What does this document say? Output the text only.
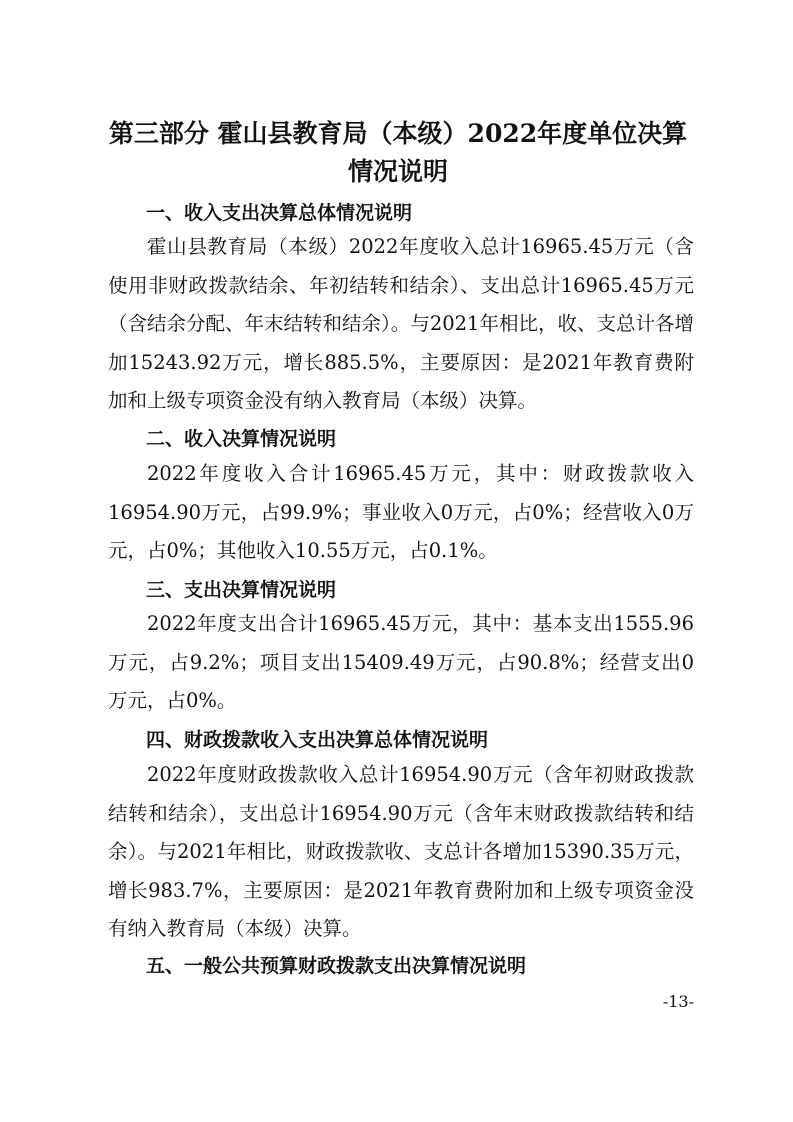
第三部分 霍山县教育局（本级）2022年度单位决算
情况说明
一、收入支出决算总体情况说明

霍山县教育局（本级）2022年度收入总计16965.45万元（含使用非财政拨款结余、年初结转和结余）、支出总计16965.45万元（含结余分配、年末结转和结余）。与2021年相比，收、支总计各增加15243.92万元，增长885.5%，主要原因：是2021年教育费附加和上级专项资金没有纳入教育局（本级）决算。

二、收入决算情况说明

2022年度收入合计16965.45万元，其中：财政拨款收入16954.90万元，占99.9%；事业收入0万元，占0%；经营收入0万元，占0%；其他收入10.55万元，占0.1%。

三、支出决算情况说明

2022年度支出合计16965.45万元，其中：基本支出1555.96万元，占9.2%；项目支出15409.49万元，占90.8%；经营支出0万元，占0%。

四、财政拨款收入支出决算总体情况说明

2022年度财政拨款收入总计16954.90万元（含年初财政拨款结转和结余），支出总计16954.90万元（含年末财政拨款结转和结余）。与2021年相比，财政拨款收、支总计各增加15390.35万元，增长983.7%，主要原因：是2021年教育费附加和上级专项资金没有纳入教育局（本级）决算。

五、一般公共预算财政拨款支出决算情况说明
-13-
